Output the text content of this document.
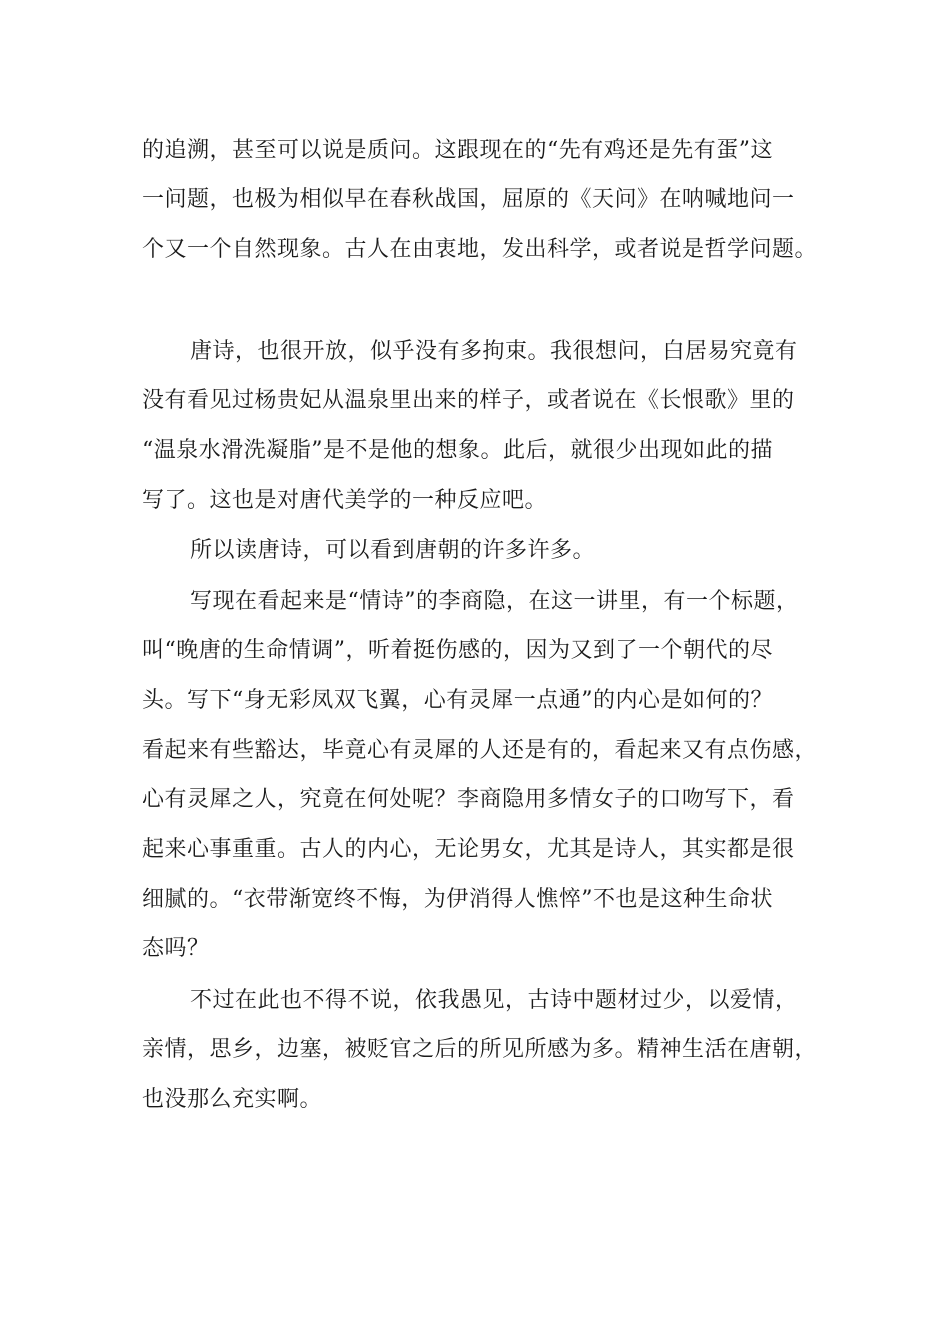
的追溯，甚至可以说是质问。这跟现在的“先有鸡还是先有蛋”这

一问题，也极为相似早在春秋战国，屈原的《天问》在呐喊地问一

个又一个自然现象。古人在由衷地，发出科学，或者说是哲学问题。

唐诗，也很开放，似乎没有多拘束。我很想问，白居易究竟有

没有看见过杨贵妃从温泉里出来的样子，或者说在《长恨歌》里的

“温泉水滑洗凝脂”是不是他的想象。此后，就很少出现如此的描

写了。这也是对唐代美学的一种反应吧。

所以读唐诗，可以看到唐朝的许多许多。

写现在看起来是“情诗”的李商隐，在这一讲里，有一个标题，

叫“晚唐的生命情调”，听着挺伤感的，因为又到了一个朝代的尽

头。写下“身无彩凤双飞翼，心有灵犀一点通”的内心是如何的？

看起来有些豁达，毕竟心有灵犀的人还是有的，看起来又有点伤感，

心有灵犀之人，究竟在何处呢？李商隐用多情女子的口吻写下，看

起来心事重重。古人的内心，无论男女，尤其是诗人，其实都是很

细腻的。“衣带渐宽终不悔，为伊消得人憔悴”不也是这种生命状

态吗？

不过在此也不得不说，依我愚见，古诗中题材过少，以爱情，

亲情，思乡，边塞，被贬官之后的所见所感为多。精神生活在唐朝，

也没那么充实啊。
